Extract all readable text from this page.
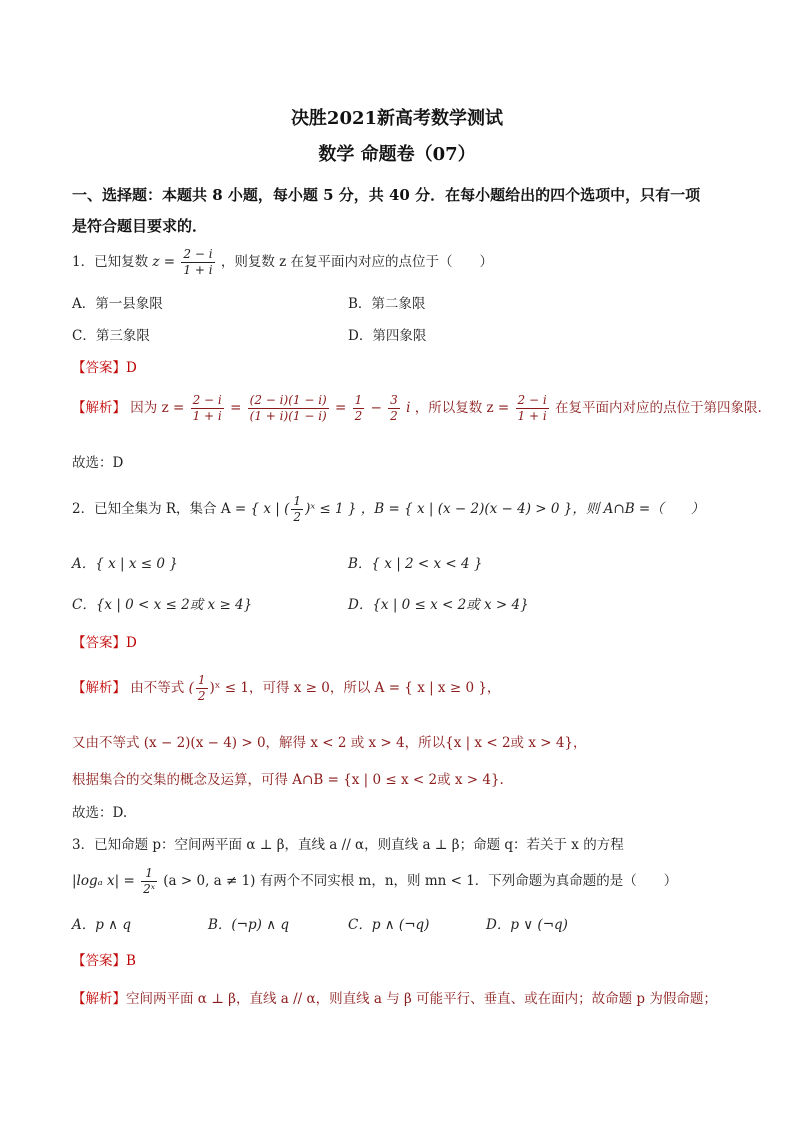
决胜2021新高考数学测试
数学 命题卷（07）
一、选择题：本题共 8 小题，每小题 5 分，共 40 分．在每小题给出的四个选项中，只有一项
是符合题目要求的．
1．已知复数 $z = \frac{2 - i}{1 + i}$ ，则复数 z 在复平面内对应的点位于（　　）
A．第一县象限	B．第二象限
C．第三象限	D．第四象限
【答案】D
【解析】 因为 $z = \frac{2 - i}{1 + i} = \frac{(2 - i)(1 - i)}{(1 + i)(1 - i)} = \frac{1}{2} - \frac{3}{2}$ i ，所以复数 $z = \frac{2 - i}{1 + i}$ 在复平面内对应的点位于第四象限.
故选：D
2．已知全集为 R，集合 A = { x | ( $\frac{1}{2}$ )ˣ ≤ 1 } ，B = { x | (x − 2)(x − 4) > 0 }，则 A∩B =（　　）
A．{ x | x ≤ 0 }	B．{ x | 2 < x < 4 }
C．{x | 0 < x ≤ 2或 x ≥ 4}	D．{x | 0 ≤ x < 2或 x > 4}
【答案】D
【解析】 由不等式 ( $\frac{1}{2}$ )ˣ ≤ 1，可得 x ≥ 0，所以 A = { x | x ≥ 0 }，
又由不等式 (x − 2)(x − 4) > 0，解得 x < 2 或 x > 4，所以{x | x < 2或 x > 4}，
根据集合的交集的概念及运算，可得 A∩B = {x | 0 ≤ x < 2或 x > 4}.
故选：D.
3．已知命题 p：空间两平面 α ⊥ β，直线 a // α，则直线 a ⊥ β；命题 q：若关于 x 的方程
|logₐ $x| = \frac{1}{\text{2ˣ}} (a > 0$, a ≠ 1) 有两个不同实根 m，n，则 mn < 1．下列命题为真命题的是（　　）
A．p ∧ q	B．(¬p) ∧ q	C．p ∧ (¬q)	D．p ∨ (¬q)
【答案】B
【解析】空间两平面 α ⊥ β，直线 a // α，则直线 a 与 β 可能平行、垂直、或在面内；故命题 p 为假命题；
